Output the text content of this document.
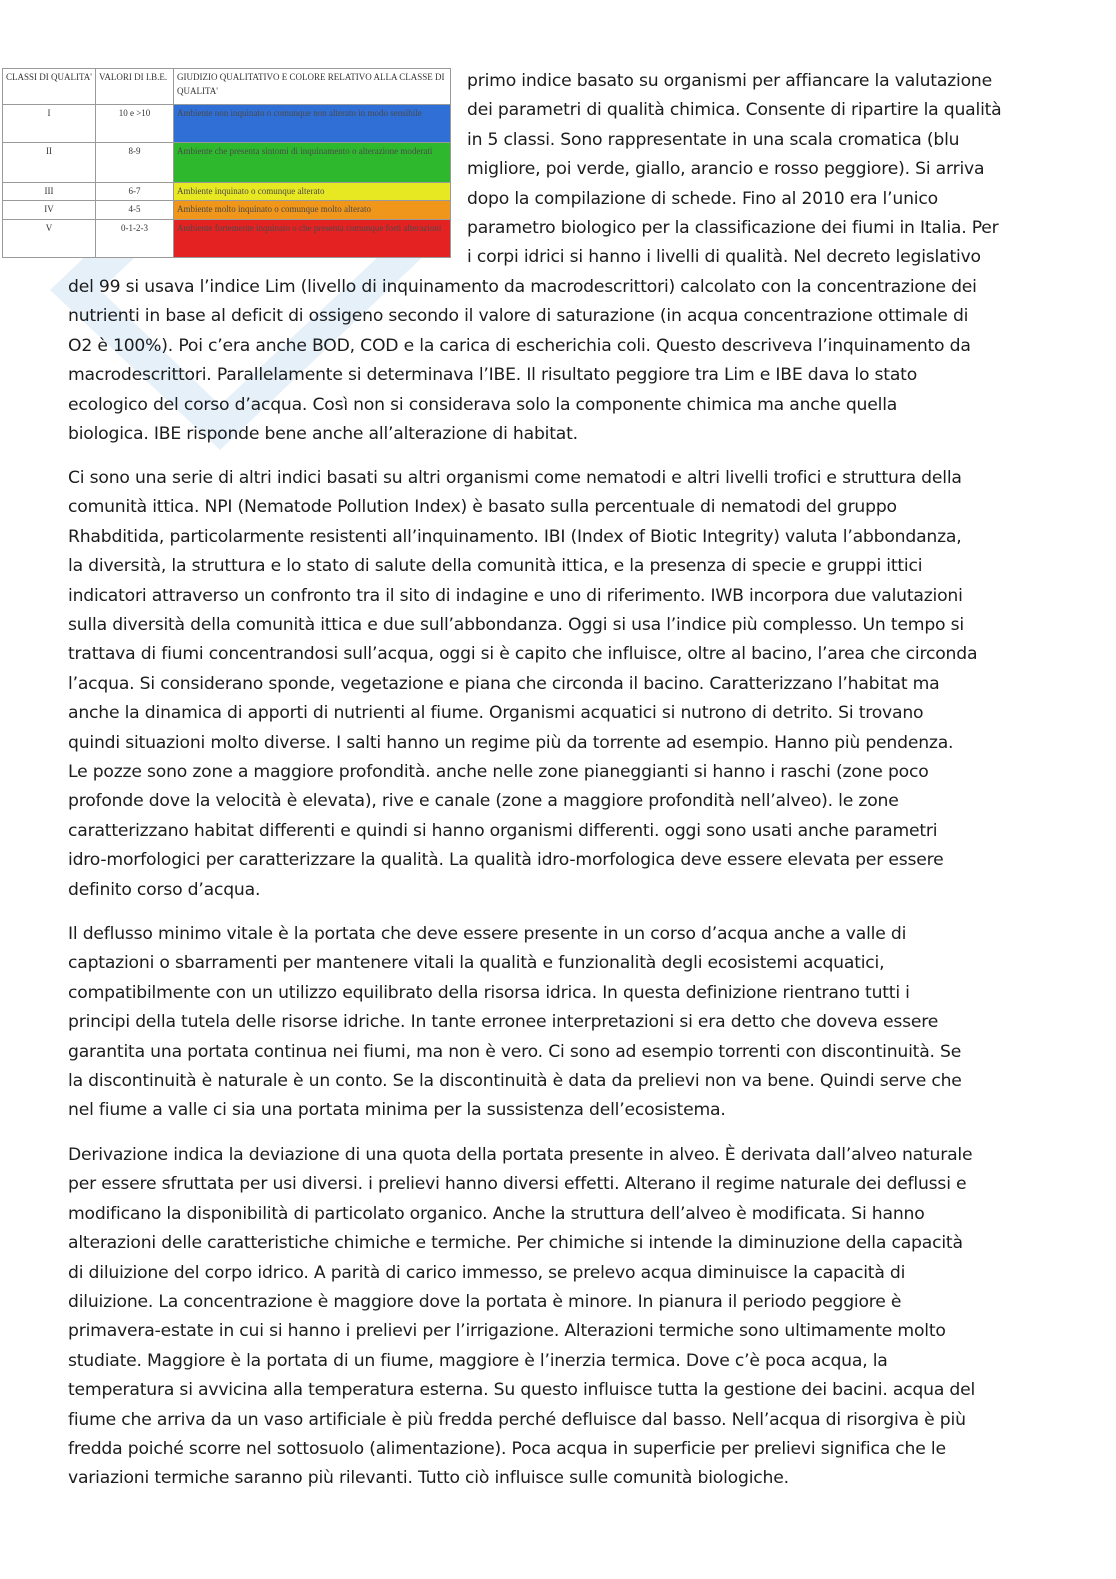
CLASSI DI QUALITA'	VALORI DI I.B.E.	GIUDIZIO QUALITATIVO E COLORE RELATIVO ALLA CLASSE DI QUALITA'
I	10 e >10	Ambiente non inquinato o comunque non alterato in modo sensibile
II	8-9	Ambiente che presenta sintomi di inquinamento o alterazione moderati
III	6-7	Ambiente inquinato o comunque alterato
IV	4-5	Ambiente molto inquinato o comunque molto alterato
V	0-1-2-3	Ambiente fortemente inquinato o che presenta comunque forti alterazioni
primo indice basato su organismi per affiancare la valutazione
dei parametri di qualità chimica. Consente di ripartire la qualità
in 5 classi. Sono rappresentate in una scala cromatica (blu
migliore, poi verde, giallo, arancio e rosso peggiore). Si arriva
dopo la compilazione di schede. Fino al 2010 era l’unico
parametro biologico per la classificazione dei fiumi in Italia. Per
i corpi idrici si hanno i livelli di qualità. Nel decreto legislativo
del 99 si usava l’indice Lim (livello di inquinamento da macrodescrittori) calcolato con la concentrazione dei
nutrienti in base al deficit di ossigeno secondo il valore di saturazione (in acqua concentrazione ottimale di
O2 è 100%). Poi c’era anche BOD, COD e la carica di escherichia coli. Questo descriveva l’inquinamento da
macrodescrittori. Parallelamente si determinava l’IBE. Il risultato peggiore tra Lim e IBE dava lo stato
ecologico del corso d’acqua. Così non si considerava solo la componente chimica ma anche quella
biologica. IBE risponde bene anche all’alterazione di habitat.
Ci sono una serie di altri indici basati su altri organismi come nematodi e altri livelli trofici e struttura della
comunità ittica. NPI (Nematode Pollution Index) è basato sulla percentuale di nematodi del gruppo
Rhabditida, particolarmente resistenti all’inquinamento. IBI (Index of Biotic Integrity) valuta l’abbondanza,
la diversità, la struttura e lo stato di salute della comunità ittica, e la presenza di specie e gruppi ittici
indicatori attraverso un confronto tra il sito di indagine e uno di riferimento. IWB incorpora due valutazioni
sulla diversità della comunità ittica e due sull’abbondanza. Oggi si usa l’indice più complesso. Un tempo si
trattava di fiumi concentrandosi sull’acqua, oggi si è capito che influisce, oltre al bacino, l’area che circonda
l’acqua. Si considerano sponde, vegetazione e piana che circonda il bacino. Caratterizzano l’habitat ma
anche la dinamica di apporti di nutrienti al fiume. Organismi acquatici si nutrono di detrito. Si trovano
quindi situazioni molto diverse. I salti hanno un regime più da torrente ad esempio. Hanno più pendenza.
Le pozze sono zone a maggiore profondità. anche nelle zone pianeggianti si hanno i raschi (zone poco
profonde dove la velocità è elevata), rive e canale (zone a maggiore profondità nell’alveo). le zone
caratterizzano habitat differenti e quindi si hanno organismi differenti. oggi sono usati anche parametri
idro-morfologici per caratterizzare la qualità. La qualità idro-morfologica deve essere elevata per essere
definito corso d’acqua.
Il deflusso minimo vitale è la portata che deve essere presente in un corso d’acqua anche a valle di
captazioni o sbarramenti per mantenere vitali la qualità e funzionalità degli ecosistemi acquatici,
compatibilmente con un utilizzo equilibrato della risorsa idrica. In questa definizione rientrano tutti i
principi della tutela delle risorse idriche. In tante erronee interpretazioni si era detto che doveva essere
garantita una portata continua nei fiumi, ma non è vero. Ci sono ad esempio torrenti con discontinuità. Se
la discontinuità è naturale è un conto. Se la discontinuità è data da prelievi non va bene. Quindi serve che
nel fiume a valle ci sia una portata minima per la sussistenza dell’ecosistema.
Derivazione indica la deviazione di una quota della portata presente in alveo. È derivata dall’alveo naturale
per essere sfruttata per usi diversi. i prelievi hanno diversi effetti. Alterano il regime naturale dei deflussi e
modificano la disponibilità di particolato organico. Anche la struttura dell’alveo è modificata. Si hanno
alterazioni delle caratteristiche chimiche e termiche. Per chimiche si intende la diminuzione della capacità
di diluizione del corpo idrico. A parità di carico immesso, se prelevo acqua diminuisce la capacità di
diluizione. La concentrazione è maggiore dove la portata è minore. In pianura il periodo peggiore è
primavera-estate in cui si hanno i prelievi per l’irrigazione. Alterazioni termiche sono ultimamente molto
studiate. Maggiore è la portata di un fiume, maggiore è l’inerzia termica. Dove c’è poca acqua, la
temperatura si avvicina alla temperatura esterna. Su questo influisce tutta la gestione dei bacini. acqua del
fiume che arriva da un vaso artificiale è più fredda perché defluisce dal basso. Nell’acqua di risorgiva è più
fredda poiché scorre nel sottosuolo (alimentazione). Poca acqua in superficie per prelievi significa che le
variazioni termiche saranno più rilevanti. Tutto ciò influisce sulle comunità biologiche.
